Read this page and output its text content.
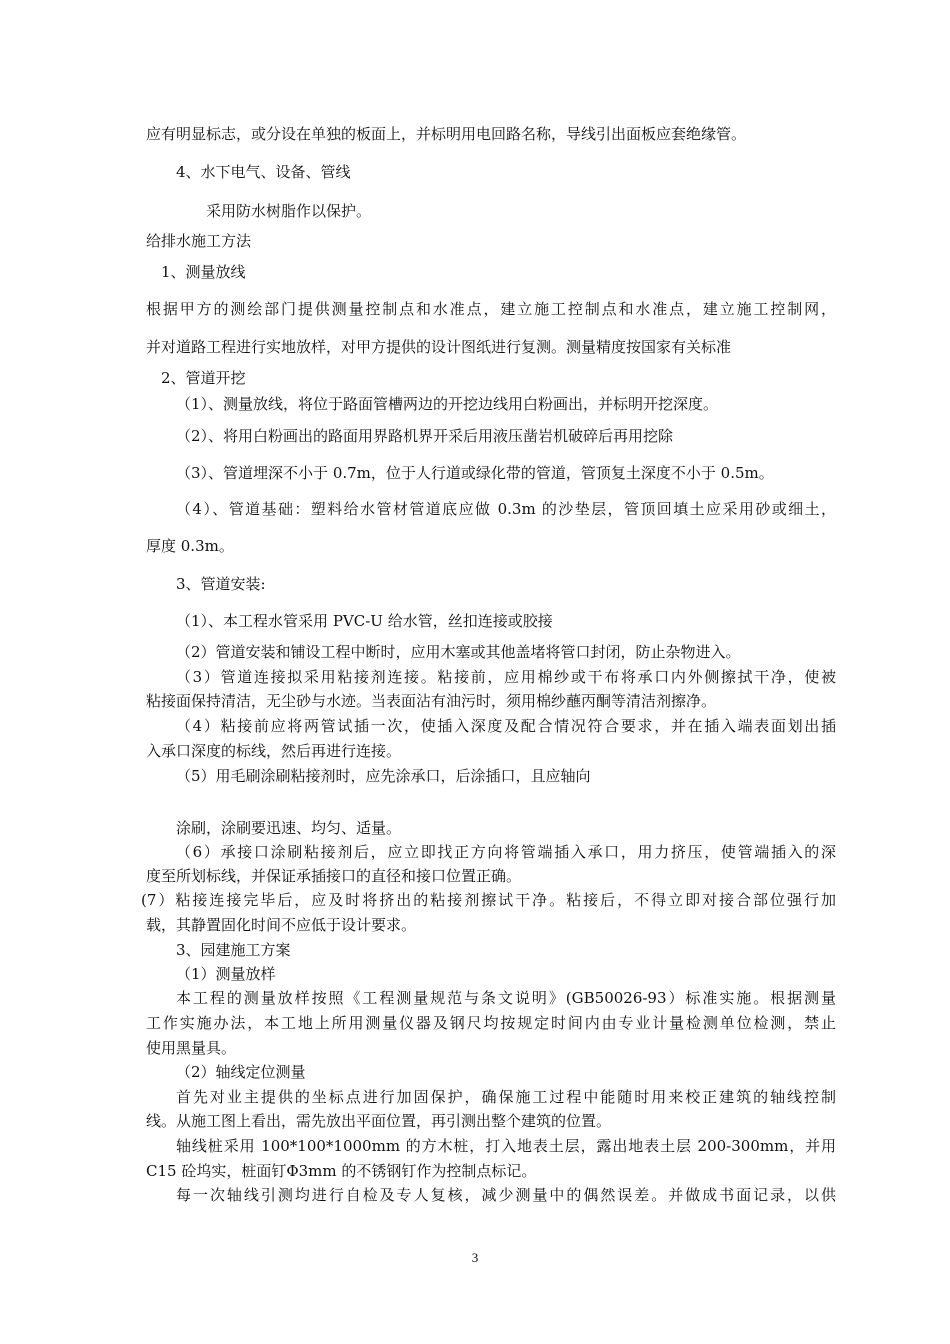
应有明显标志，或分设在单独的板面上，并标明用电回路名称，导线引出面板应套绝缘管。

4、水下电气、设备、管线

采用防水树脂作以保护。

给排水施工方法

1、测量放线

根据甲方的测绘部门提供测量控制点和水准点，建立施工控制点和水准点，建立施工控制网，

并对道路工程进行实地放样，对甲方提供的设计图纸进行复测。测量精度按国家有关标准

2、管道开挖

（1）、测量放线，将位于路面管槽两边的开挖边线用白粉画出，并标明开挖深度。

（2）、将用白粉画出的路面用界路机界开采后用液压凿岩机破碎后再用挖除

（3）、管道埋深不小于 0.7m，位于人行道或绿化带的管道，管顶复土深度不小于 0.5m。

（4）、管道基础：塑料给水管材管道底应做 0.3m 的沙垫层，管顶回填土应采用砂或细土，

厚度 0.3m。

3、管道安装:

（1）、本工程水管采用 PVC-U 给水管，丝扣连接或胶接

（2）管道安装和铺设工程中断时，应用木塞或其他盖堵将管口封闭，防止杂物进入。

（3）管道连接拟采用粘接剂连接。粘接前，应用棉纱或干布将承口内外侧擦拭干净，使被

粘接面保持清洁，无尘砂与水迹。当表面沾有油污时，须用棉纱蘸丙酮等清洁剂擦净。

（4）粘接前应将两管试插一次，使插入深度及配合情况符合要求，并在插入端表面划出插

入承口深度的标线，然后再进行连接。

（5）用毛刷涂刷粘接剂时，应先涂承口，后涂插口，且应轴向

涂刷，涂刷要迅速、均匀、适量。

（6）承接口涂刷粘接剂后，应立即找正方向将管端插入承口，用力挤压，使管端插入的深

度至所划标线，并保证承插接口的直径和接口位置正确。

(7）粘接连接完毕后，应及时将挤出的粘接剂擦试干净。粘接后，不得立即对接合部位强行加

载，其静置固化时间不应低于设计要求。

3、园建施工方案

（1）测量放样

本工程的测量放样按照《工程测量规范与条文说明》(GB50026-93）标准实施。根据测量

工作实施办法，本工地上所用测量仪器及钢尺均按规定时间内由专业计量检测单位检测，禁止

使用黑量具。

（2）轴线定位测量

首先对业主提供的坐标点进行加固保护，确保施工过程中能随时用来校正建筑的轴线控制

线。从施工图上看出，需先放出平面位置，再引测出整个建筑的位置。

轴线桩采用 100*100*1000mm 的方木桩，打入地表土层，露出地表土层 200-300mm，并用

C15 砼坞实，桩面钉Φ3mm 的不锈钢钉作为控制点标记。

每一次轴线引测均进行自检及专人复核，减少测量中的偶然误差。并做成书面记录，以供

3
